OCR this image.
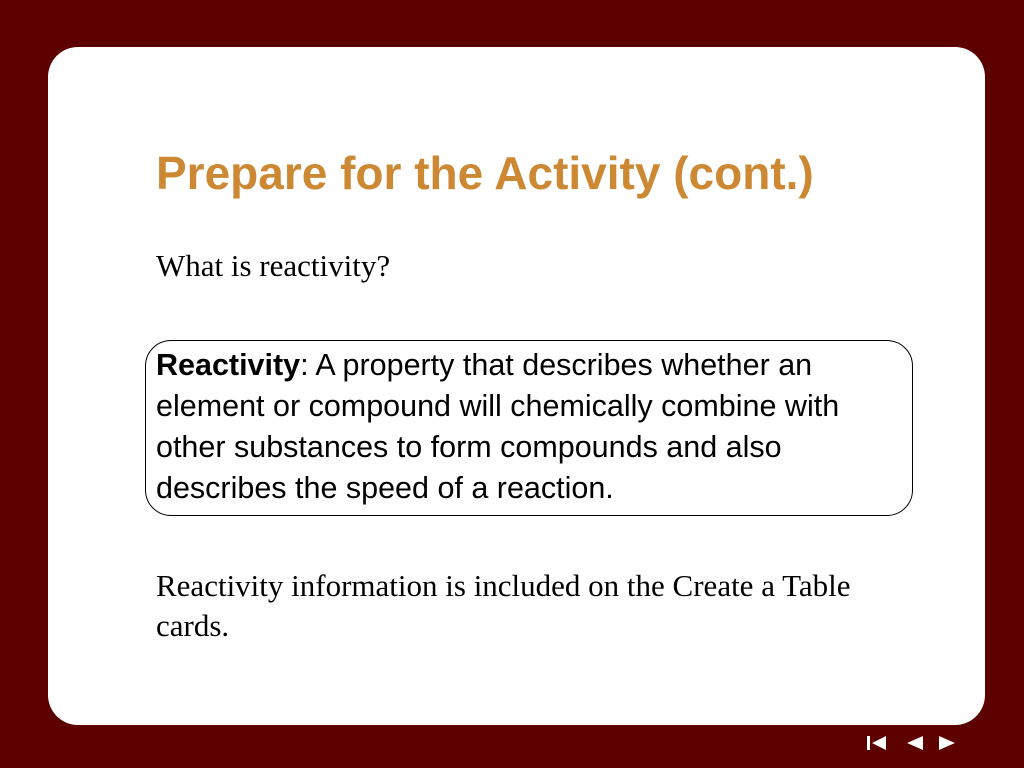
Prepare for the Activity (cont.)

What is reactivity?

Reactivity: A property that describes whether an element or compound will chemically combine with other substances to form compounds and also describes the speed of a reaction.

Reactivity information is included on the Create a Table cards.
